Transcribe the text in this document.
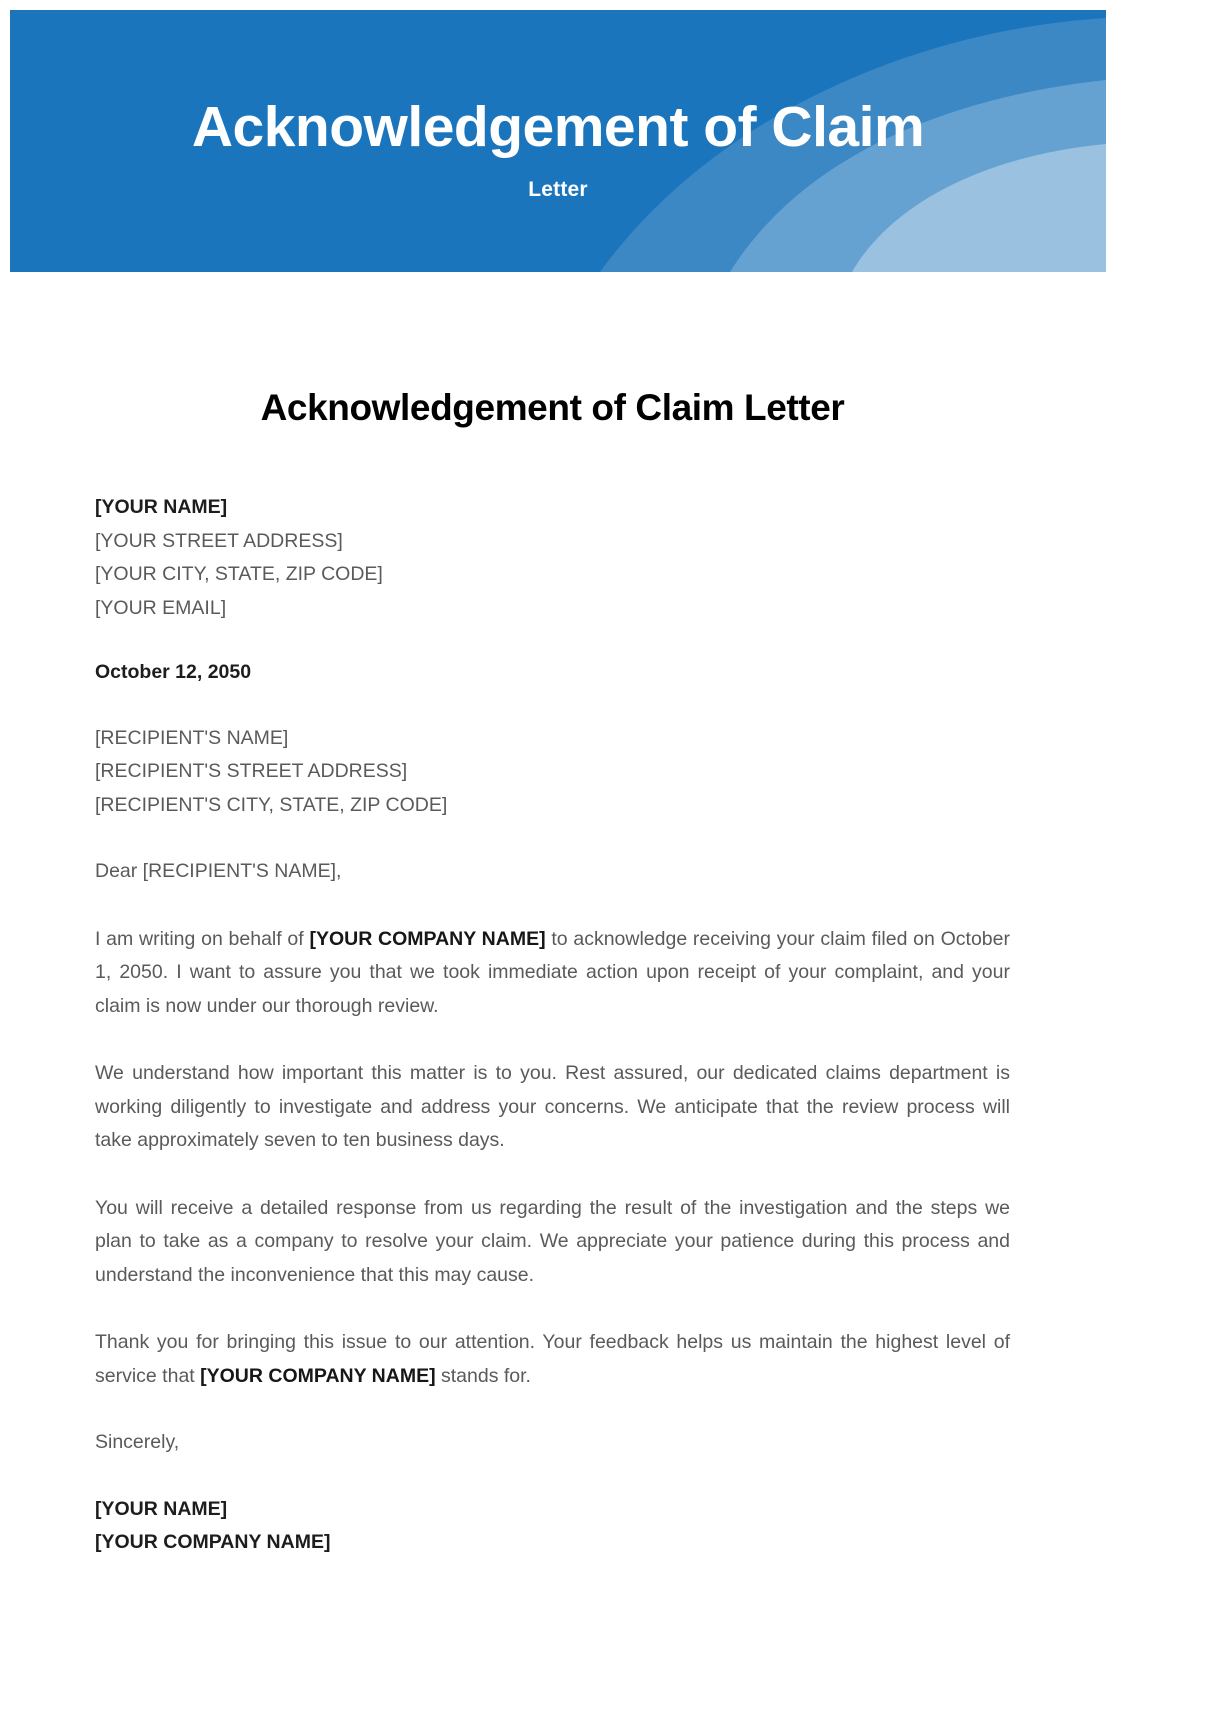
Acknowledgement of Claim
Letter
Acknowledgement of Claim Letter
[YOUR NAME]
[YOUR STREET ADDRESS]
[YOUR CITY, STATE, ZIP CODE]
[YOUR EMAIL]
October 12, 2050
[RECIPIENT'S NAME]
[RECIPIENT'S STREET ADDRESS]
[RECIPIENT'S CITY, STATE, ZIP CODE]
Dear [RECIPIENT'S NAME],

I am writing on behalf of [YOUR COMPANY NAME] to acknowledge receiving your claim filed on October 1, 2050. I want to assure you that we took immediate action upon receipt of your complaint, and your claim is now under our thorough review.

We understand how important this matter is to you. Rest assured, our dedicated claims department is working diligently to investigate and address your concerns. We anticipate that the review process will take approximately seven to ten business days.

You will receive a detailed response from us regarding the result of the investigation and the steps we plan to take as a company to resolve your claim. We appreciate your patience during this process and understand the inconvenience that this may cause.

Thank you for bringing this issue to our attention. Your feedback helps us maintain the highest level of service that [YOUR COMPANY NAME] stands for.

Sincerely,
[YOUR NAME]
[YOUR COMPANY NAME]
